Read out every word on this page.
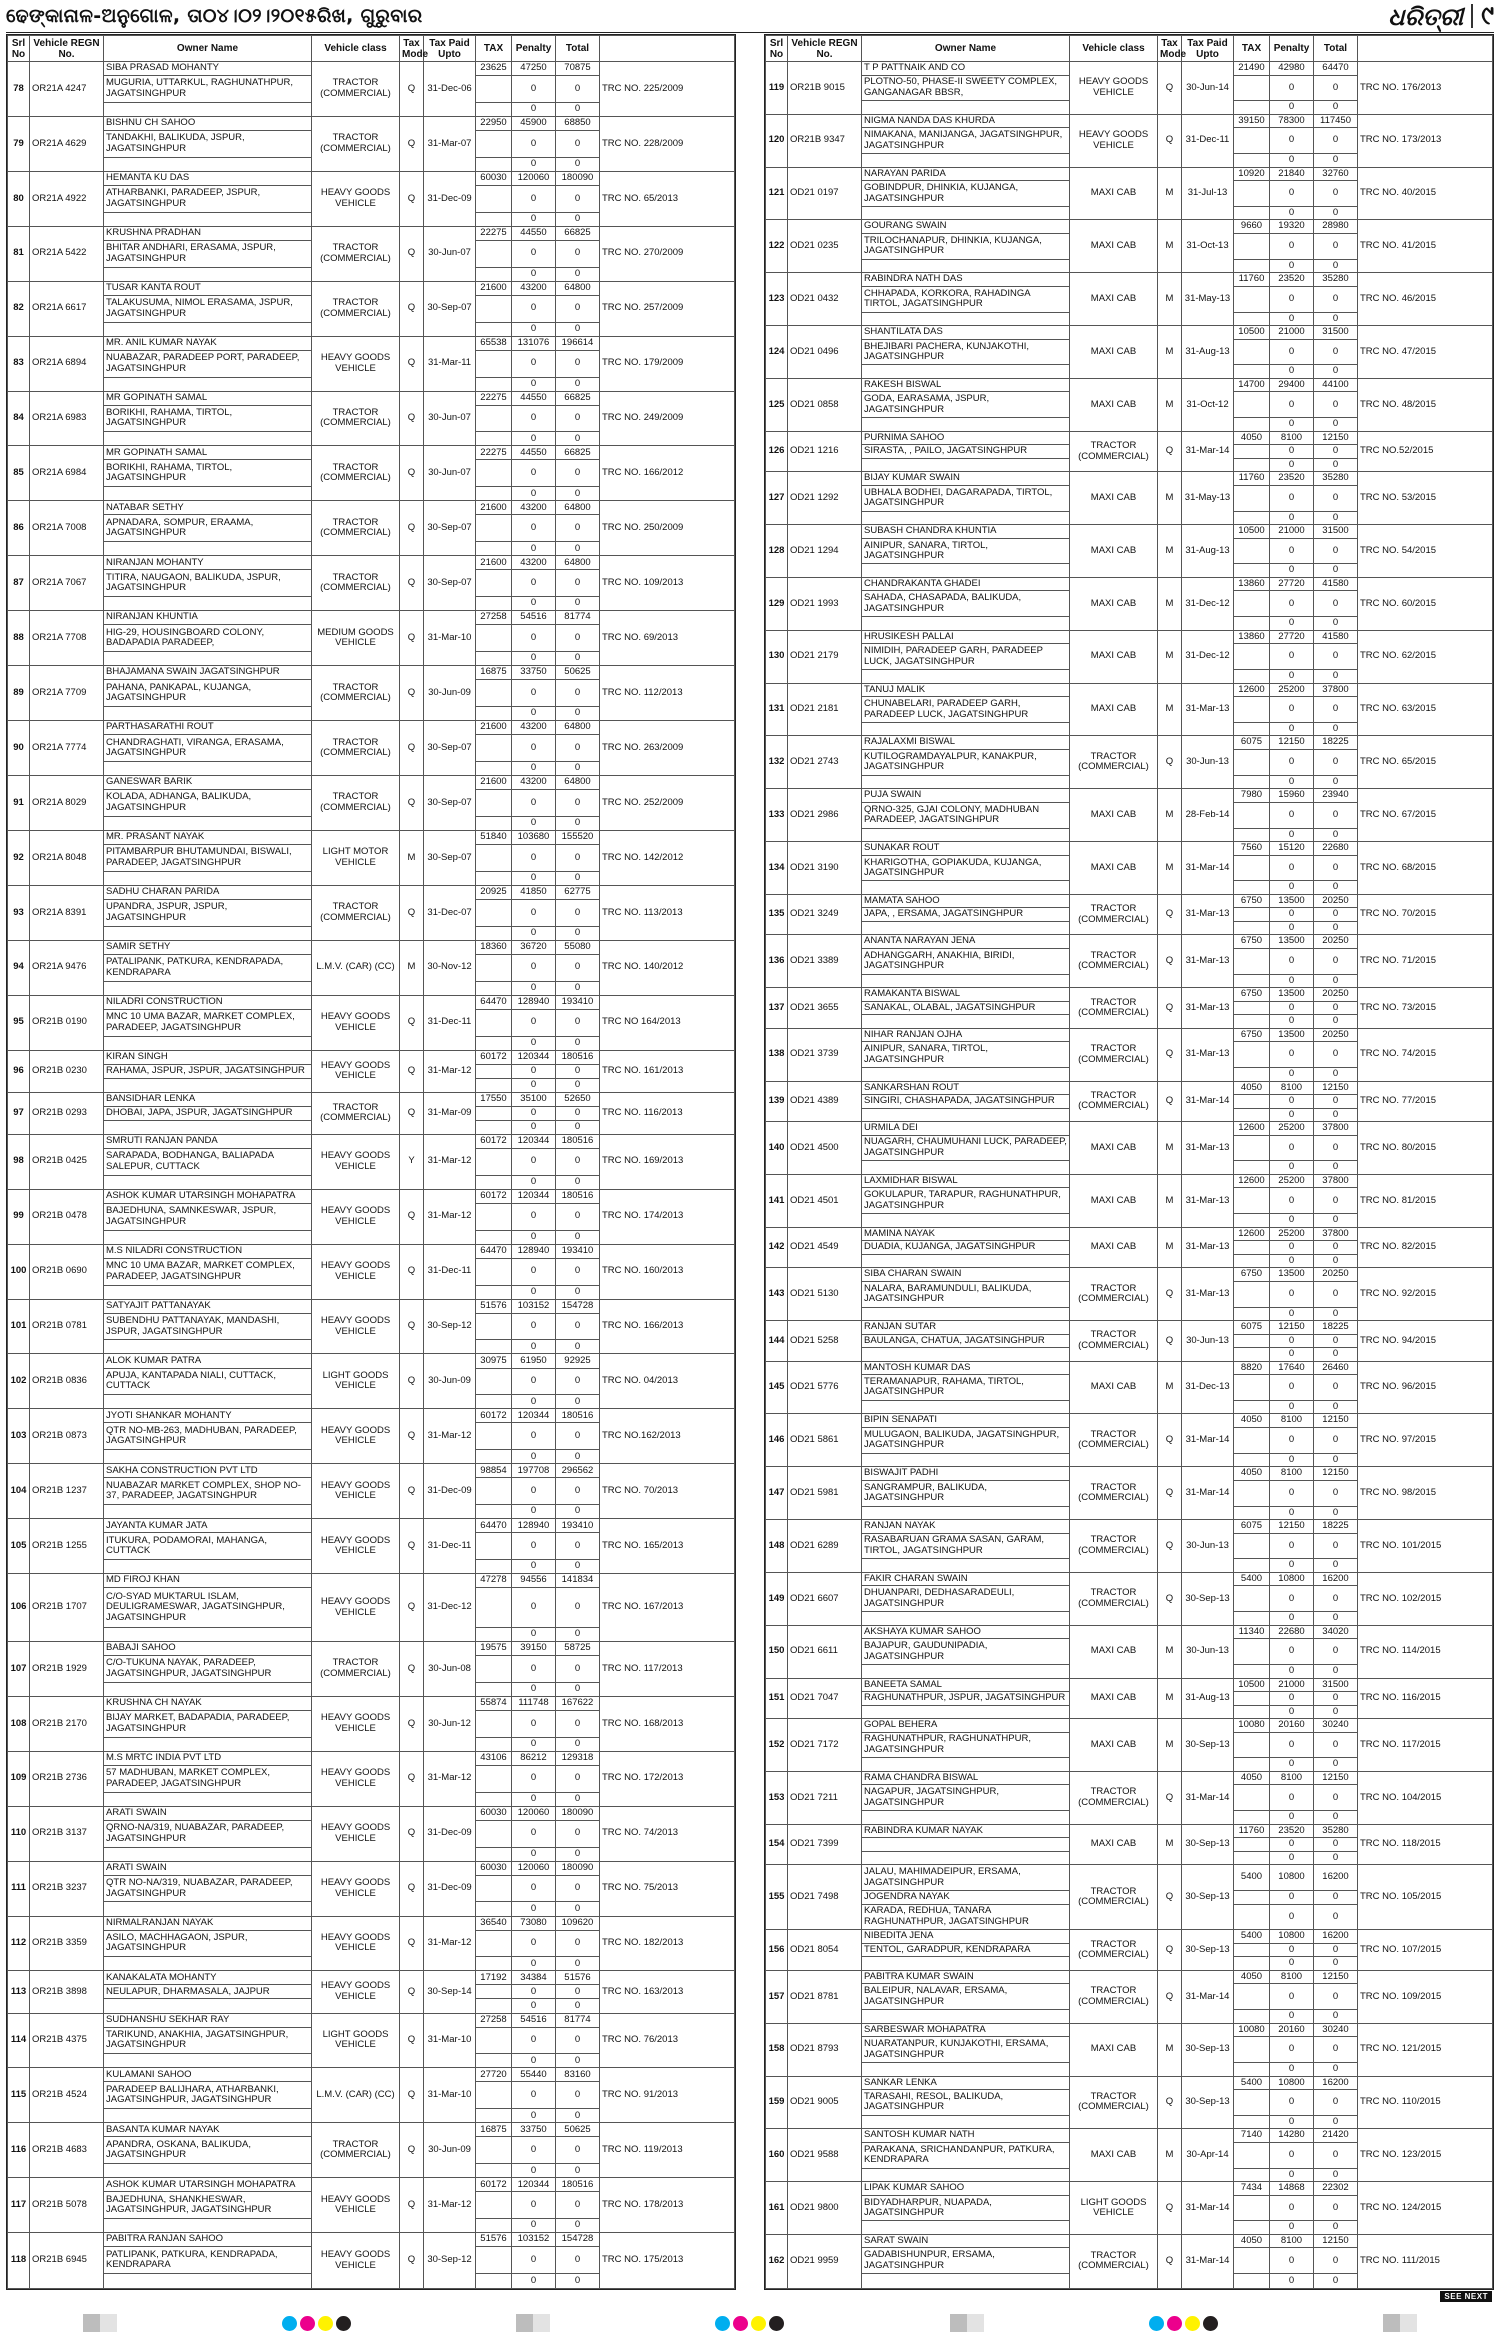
ଢେଙ୍କାନାଳ-ଅନୁଗୋଳ, ତା୦୪।୦୨।୨୦୧୫ରିଖ, ଗୁରୁବାର	ଧରିତ୍ରୀ ୯
Srl No	Vehicle REGN No.	Owner Name	Vehicle class	Tax Mode	Tax Paid Upto	TAX	Penalty	Total	
78	OR21A 4247	SIBA PRASAD MOHANTY	TRACTOR (COMMERCIAL)	Q	31-Dec-06	23625	47250	70875	TRC NO. 225/2009
		MUGURIA, UTTARKUL, RAGHUNATHPUR, JAGATSINGHPUR					0	0	
							0	0	
79	OR21A 4629	BISHNU CH SAHOO	TRACTOR (COMMERCIAL)	Q	31-Mar-07	22950	45900	68850	TRC NO. 228/2009
		TANDAKHI, BALIKUDA, JSPUR, JAGATSINGHPUR					0	0	
							0	0	
80	OR21A 4922	HEMANTA KU DAS	HEAVY GOODS VEHICLE	Q	31-Dec-09	60030	120060	180090	TRC NO. 65/2013
		ATHARBANKI, PARADEEP, JSPUR, JAGATSINGHPUR					0	0	
							0	0	
81	OR21A 5422	KRUSHNA PRADHAN	TRACTOR (COMMERCIAL)	Q	30-Jun-07	22275	44550	66825	TRC NO. 270/2009
		BHITAR ANDHARI, ERASAMA, JSPUR, JAGATSINGHPUR					0	0	
							0	0	
82	OR21A 6617	TUSAR KANTA ROUT	TRACTOR (COMMERCIAL)	Q	30-Sep-07	21600	43200	64800	TRC NO. 257/2009
		TALAKUSUMA, NIMOL ERASAMA, JSPUR, JAGATSINGHPUR					0	0	
							0	0	
83	OR21A 6894	MR. ANIL KUMAR NAYAK	HEAVY GOODS VEHICLE	Q	31-Mar-11	65538	131076	196614	TRC NO. 179/2009
		NUABAZAR, PARADEEP PORT, PARADEEP, JAGATSINGHPUR					0	0	
							0	0	
84	OR21A 6983	MR GOPINATH SAMAL	TRACTOR (COMMERCIAL)	Q	30-Jun-07	22275	44550	66825	TRC NO. 249/2009
		BORIKHI, RAHAMA, TIRTOL, JAGATSINGHPUR					0	0	
							0	0	
85	OR21A 6984	MR GOPINATH SAMAL	TRACTOR (COMMERCIAL)	Q	30-Jun-07	22275	44550	66825	TRC NO. 166/2012
		BORIKHI, RAHAMA, TIRTOL, JAGATSINGHPUR					0	0	
							0	0	
86	OR21A 7008	NATABAR SETHY	TRACTOR (COMMERCIAL)	Q	30-Sep-07	21600	43200	64800	TRC NO. 250/2009
		APNADARA, SOMPUR, ERAAMA, JAGATSINGHPUR					0	0	
							0	0	
87	OR21A 7067	NIRANJAN MOHANTY	TRACTOR (COMMERCIAL)	Q	30-Sep-07	21600	43200	64800	TRC NO. 109/2013
		TITIRA, NAUGAON, BALIKUDA, JSPUR, JAGATSINGHPUR					0	0	
							0	0	
88	OR21A 7708	NIRANJAN KHUNTIA	MEDIUM GOODS VEHICLE	Q	31-Mar-10	27258	54516	81774	TRC NO. 69/2013
		HIG-29, HOUSINGBOARD COLONY, BADAPADIA PARADEEP,					0	0	
							0	0	
89	OR21A 7709	BHAJAMANA SWAIN JAGATSINGHPUR	TRACTOR (COMMERCIAL)	Q	30-Jun-09	16875	33750	50625	TRC NO. 112/2013
		PAHANA, PANKAPAL, KUJANGA, JAGATSINGHPUR					0	0	
							0	0	
90	OR21A 7774	PARTHASARATHI ROUT	TRACTOR (COMMERCIAL)	Q	30-Sep-07	21600	43200	64800	TRC NO. 263/2009
		CHANDRAGHATI, VIRANGA, ERASAMA, JAGATSINGHPUR					0	0	
							0	0	
91	OR21A 8029	GANESWAR BARIK	TRACTOR (COMMERCIAL)	Q	30-Sep-07	21600	43200	64800	TRC NO. 252/2009
		KOLADA, ADHANGA, BALIKUDA, JAGATSINGHPUR					0	0	
							0	0	
92	OR21A 8048	MR. PRASANT NAYAK	LIGHT MOTOR VEHICLE	M	30-Sep-07	51840	103680	155520	TRC NO. 142/2012
		PITAMBARPUR BHUTAMUNDAI, BISWALI, PARADEEP, JAGATSINGHPUR					0	0	
							0	0	
93	OR21A 8391	SADHU CHARAN PARIDA	TRACTOR (COMMERCIAL)	Q	31-Dec-07	20925	41850	62775	TRC NO. 113/2013
		UPANDRA, JSPUR, JSPUR, JAGATSINGHPUR					0	0	
							0	0	
94	OR21A 9476	SAMIR SETHY	L.M.V. (CAR) (CC)	M	30-Nov-12	18360	36720	55080	TRC NO. 140/2012
		PATALIPANK, PATKURA, KENDRAPADA, KENDRAPARA					0	0	
							0	0	
95	OR21B 0190	NILADRI CONSTRUCTION	HEAVY GOODS VEHICLE	Q	31-Dec-11	64470	128940	193410	TRC NO 164/2013
		MNC 10 UMA BAZAR, MARKET COMPLEX, PARADEEP, JAGATSINGHPUR					0	0	
							0	0	
96	OR21B 0230	KIRAN SINGH	HEAVY GOODS VEHICLE	Q	31-Mar-12	60172	120344	180516	TRC NO. 161/2013
		RAHAMA, JSPUR, JSPUR, JAGATSINGHPUR					0	0	
							0	0	
97	OR21B 0293	BANSIDHAR LENKA	TRACTOR (COMMERCIAL)	Q	31-Mar-09	17550	35100	52650	TRC NO. 116/2013
		DHOBAI, JAPA, JSPUR, JAGATSINGHPUR					0	0	
							0	0	
98	OR21B 0425	SMRUTI RANJAN PANDA	HEAVY GOODS VEHICLE	Y	31-Mar-12	60172	120344	180516	TRC NO. 169/2013
		SARAPADA, BODHANGA, BALIAPADA SALEPUR, CUTTACK					0	0	
							0	0	
99	OR21B 0478	ASHOK KUMAR UTARSINGH MOHAPATRA	HEAVY GOODS VEHICLE	Q	31-Mar-12	60172	120344	180516	TRC NO. 174/2013
		BAJEDHUNA, SAMNKESWAR, JSPUR, JAGATSINGHPUR					0	0	
							0	0	
100	OR21B 0690	M.S NILADRI CONSTRUCTION	HEAVY GOODS VEHICLE	Q	31-Dec-11	64470	128940	193410	TRC NO. 160/2013
		MNC 10 UMA BAZAR, MARKET COMPLEX, PARADEEP, JAGATSINGHPUR					0	0	
							0	0	
101	OR21B 0781	SATYAJIT PATTANAYAK	HEAVY GOODS VEHICLE	Q	30-Sep-12	51576	103152	154728	TRC NO. 166/2013
		SUBENDHU PATTANAYAK, MANDASHI, JSPUR, JAGATSINGHPUR					0	0	
							0	0	
102	OR21B 0836	ALOK KUMAR PATRA	LIGHT GOODS VEHICLE	Q	30-Jun-09	30975	61950	92925	TRC NO. 04/2013
		APUJA, KANTAPADA NIALI, CUTTACK, CUTTACK					0	0	
							0	0	
103	OR21B 0873	JYOTI SHANKAR MOHANTY	HEAVY GOODS VEHICLE	Q	31-Mar-12	60172	120344	180516	TRC NO.162/2013
		QTR NO-MB-263, MADHUBAN, PARADEEP, JAGATSINGHPUR					0	0	
							0	0	
104	OR21B 1237	SAKHA CONSTRUCTION PVT LTD	HEAVY GOODS VEHICLE	Q	31-Dec-09	98854	197708	296562	TRC NO. 70/2013
		NUABAZAR MARKET COMPLEX, SHOP NO-37, PARADEEP, JAGATSINGHPUR					0	0	
							0	0	
105	OR21B 1255	JAYANTA KUMAR JATA	HEAVY GOODS VEHICLE	Q	31-Dec-11	64470	128940	193410	TRC NO. 165/2013
		ITUKURA, PODAMORAI, MAHANGA, CUTTACK					0	0	
							0	0	
106	OR21B 1707	MD FIROJ KHAN	HEAVY GOODS VEHICLE	Q	31-Dec-12	47278	94556	141834	TRC NO. 167/2013
		C/O-SYAD MUKTARUL ISLAM, DEULIGRAMESWAR, JAGATSINGHPUR, JAGATSINGHPUR					0	0	
							0	0	
107	OR21B 1929	BABAJI SAHOO	TRACTOR (COMMERCIAL)	Q	30-Jun-08	19575	39150	58725	TRC NO. 117/2013
		C/O-TUKUNA NAYAK, PARADEEP, JAGATSINGHPUR, JAGATSINGHPUR					0	0	
							0	0	
108	OR21B 2170	KRUSHNA CH NAYAK	HEAVY GOODS VEHICLE	Q	30-Jun-12	55874	111748	167622	TRC NO. 168/2013
		BIJAY MARKET, BADAPADIA, PARADEEP, JAGATSINGHPUR					0	0	
							0	0	
109	OR21B 2736	M.S MRTC INDIA PVT LTD	HEAVY GOODS VEHICLE	Q	31-Mar-12	43106	86212	129318	TRC NO. 172/2013
		57 MADHUBAN, MARKET COMPLEX, PARADEEP, JAGATSINGHPUR					0	0	
							0	0	
110	OR21B 3137	ARATI SWAIN	HEAVY GOODS VEHICLE	Q	31-Dec-09	60030	120060	180090	TRC NO. 74/2013
		QRNO-NA/319, NUABAZAR, PARADEEP, JAGATSINGHPUR					0	0	
							0	0	
111	OR21B 3237	ARATI SWAIN	HEAVY GOODS VEHICLE	Q	31-Dec-09	60030	120060	180090	TRC NO. 75/2013
		QTR NO-NA/319, NUABAZAR, PARADEEP, JAGATSINGHPUR					0	0	
							0	0	
112	OR21B 3359	NIRMALRANJAN NAYAK	HEAVY GOODS VEHICLE	Q	31-Mar-12	36540	73080	109620	TRC NO. 182/2013
		ASILO, MACHHAGAON, JSPUR, JAGATSINGHPUR					0	0	
							0	0	
113	OR21B 3898	KANAKALATA MOHANTY	HEAVY GOODS VEHICLE	Q	30-Sep-14	17192	34384	51576	TRC NO. 163/2013
		NEULAPUR, DHARMASALA, JAJPUR					0	0	
							0	0	
114	OR21B 4375	SUDHANSHU SEKHAR RAY	LIGHT GOODS VEHICLE	Q	31-Mar-10	27258	54516	81774	TRC NO. 76/2013
		TARIKUND, ANAKHIA, JAGATSINGHPUR, JAGATSINGHPUR					0	0	
							0	0	
115	OR21B 4524	KULAMANI SAHOO	L.M.V. (CAR) (CC)	Q	31-Mar-10	27720	55440	83160	TRC NO. 91/2013
		PARADEEP BALIJHARA, ATHARBANKI, JAGATSINGHPUR, JAGATSINGHPUR					0	0	
							0	0	
116	OR21B 4683	BASANTA KUMAR NAYAK	TRACTOR (COMMERCIAL)	Q	30-Jun-09	16875	33750	50625	TRC NO. 119/2013
		APANDRA, OSKANA, BALIKUDA, JAGATSINGHPUR					0	0	
							0	0	
117	OR21B 5078	ASHOK KUMAR UTARSINGH MOHAPATRA	HEAVY GOODS VEHICLE	Q	31-Mar-12	60172	120344	180516	TRC NO. 178/2013
		BAJEDHUNA, SHANKHESWAR, JAGATSINGHPUR, JAGATSINGHPUR					0	0	
							0	0	
118	OR21B 6945	PABITRA RANJAN SAHOO	HEAVY GOODS VEHICLE	Q	30-Sep-12	51576	103152	154728	TRC NO. 175/2013
		PATLIPANK, PATKURA, KENDRAPADA, KENDRAPARA					0	0	
							0	0	
Srl No	Vehicle REGN No.	Owner Name	Vehicle class	Tax Mode	Tax Paid Upto	TAX	Penalty	Total	
119	OR21B 9015	T P PATTNAIK AND CO	HEAVY GOODS VEHICLE	Q	30-Jun-14	21490	42980	64470	TRC NO. 176/2013
		PLOTNO-50, PHASE-II SWEETY COMPLEX, GANGANAGAR BBSR,					0	0	
							0	0	
120	OR21B 9347	NIGMA NANDA DAS KHURDA	HEAVY GOODS VEHICLE	Q	31-Dec-11	39150	78300	117450	TRC NO. 173/2013
		NIMAKANA, MANIJANGA, JAGATSINGHPUR, JAGATSINGHPUR					0	0	
							0	0	
121	OD21 0197	NARAYAN PARIDA	MAXI CAB	M	31-Jul-13	10920	21840	32760	TRC NO. 40/2015
		GOBINDPUR, DHINKIA, KUJANGA, JAGATSINGHPUR					0	0	
							0	0	
122	OD21 0235	GOURANG SWAIN	MAXI CAB	M	31-Oct-13	9660	19320	28980	TRC NO. 41/2015
		TRILOCHANAPUR, DHINKIA, KUJANGA, JAGATSINGHPUR					0	0	
							0	0	
123	OD21 0432	RABINDRA NATH DAS	MAXI CAB	M	31-May-13	11760	23520	35280	TRC NO. 46/2015
		CHHAPADA, KORKORA, RAHADINGA TIRTOL, JAGATSINGHPUR					0	0	
							0	0	
124	OD21 0496	SHANTILATA DAS	MAXI CAB	M	31-Aug-13	10500	21000	31500	TRC NO. 47/2015
		BHEJIBARI PACHERA, KUNJAKOTHI, JAGATSINGHPUR					0	0	
							0	0	
125	OD21 0858	RAKESH BISWAL	MAXI CAB	M	31-Oct-12	14700	29400	44100	TRC NO. 48/2015
		GODA, EARASAMA, JSPUR, JAGATSINGHPUR					0	0	
							0	0	
126	OD21 1216	PURNIMA SAHOO	TRACTOR (COMMERCIAL)	Q	31-Mar-14	4050	8100	12150	TRC NO.52/2015
		SIRASTA, , PAILO, JAGATSINGHPUR					0	0	
							0	0	
127	OD21 1292	BIJAY KUMAR SWAIN	MAXI CAB	M	31-May-13	11760	23520	35280	TRC NO. 53/2015
		UBHALA BODHEI, DAGARAPADA, TIRTOL, JAGATSINGHPUR					0	0	
							0	0	
128	OD21 1294	SUBASH CHANDRA KHUNTIA	MAXI CAB	M	31-Aug-13	10500	21000	31500	TRC NO. 54/2015
		AINIPUR, SANARA, TIRTOL, JAGATSINGHPUR					0	0	
							0	0	
129	OD21 1993	CHANDRAKANTA GHADEI	MAXI CAB	M	31-Dec-12	13860	27720	41580	TRC NO. 60/2015
		SAHADA, CHASAPADA, BALIKUDA, JAGATSINGHPUR					0	0	
							0	0	
130	OD21 2179	HRUSIKESH PALLAI	MAXI CAB	M	31-Dec-12	13860	27720	41580	TRC NO. 62/2015
		NIMIDIH, PARADEEP GARH, PARADEEP LUCK, JAGATSINGHPUR					0	0	
							0	0	
131	OD21 2181	TANUJ MALIK	MAXI CAB	M	31-Mar-13	12600	25200	37800	TRC NO. 63/2015
		CHUNABELARI, PARADEEP GARH, PARADEEP LUCK, JAGATSINGHPUR					0	0	
							0	0	
132	OD21 2743	RAJALAXMI BISWAL	TRACTOR (COMMERCIAL)	Q	30-Jun-13	6075	12150	18225	TRC NO. 65/2015
		KUTILOGRAMDAYALPUR, KANAKPUR, JAGATSINGHPUR					0	0	
							0	0	
133	OD21 2986	PUJA SWAIN	MAXI CAB	M	28-Feb-14	7980	15960	23940	TRC NO. 67/2015
		QRNO-325, GJAI COLONY, MADHUBAN PARADEEP, JAGATSINGHPUR					0	0	
							0	0	
134	OD21 3190	SUNAKAR ROUT	MAXI CAB	M	31-Mar-14	7560	15120	22680	TRC NO. 68/2015
		KHARIGOTHA, GOPIAKUDA, KUJANGA, JAGATSINGHPUR					0	0	
							0	0	
135	OD21 3249	MAMATA SAHOO	TRACTOR (COMMERCIAL)	Q	31-Mar-13	6750	13500	20250	TRC NO. 70/2015
		JAPA, , ERSAMA, JAGATSINGHPUR					0	0	
							0	0	
136	OD21 3389	ANANTA NARAYAN JENA	TRACTOR (COMMERCIAL)	Q	31-Mar-13	6750	13500	20250	TRC NO. 71/2015
		ADHANGGARH, ANAKHIA, BIRIDI, JAGATSINGHPUR					0	0	
							0	0	
137	OD21 3655	RAMAKANTA BISWAL	TRACTOR (COMMERCIAL)	Q	31-Mar-13	6750	13500	20250	TRC NO. 73/2015
		SANAKAL, OLABAL, JAGATSINGHPUR					0	0	
							0	0	
138	OD21 3739	NIHAR RANJAN OJHA	TRACTOR (COMMERCIAL)	Q	31-Mar-13	6750	13500	20250	TRC NO. 74/2015
		AINIPUR, SANARA, TIRTOL, JAGATSINGHPUR					0	0	
							0	0	
139	OD21 4389	SANKARSHAN ROUT	TRACTOR (COMMERCIAL)	Q	31-Mar-14	4050	8100	12150	TRC NO. 77/2015
		SINGIRI, CHASHAPADA, JAGATSINGHPUR					0	0	
							0	0	
140	OD21 4500	URMILA DEI	MAXI CAB	M	31-Mar-13	12600	25200	37800	TRC NO. 80/2015
		NUAGARH, CHAUMUHANI LUCK, PARADEEP, JAGATSINGHPUR					0	0	
							0	0	
141	OD21 4501	LAXMIDHAR BISWAL	MAXI CAB	M	31-Mar-13	12600	25200	37800	TRC NO. 81/2015
		GOKULAPUR, TARAPUR, RAGHUNATHPUR, JAGATSINGHPUR					0	0	
							0	0	
142	OD21 4549	MAMINA NAYAK	MAXI CAB	M	31-Mar-13	12600	25200	37800	TRC NO. 82/2015
		DUADIA, KUJANGA, JAGATSINGHPUR					0	0	
							0	0	
143	OD21 5130	SIBA CHARAN SWAIN	TRACTOR (COMMERCIAL)	Q	31-Mar-13	6750	13500	20250	TRC NO. 92/2015
		NALARA, BARAMUNDULI, BALIKUDA, JAGATSINGHPUR					0	0	
							0	0	
144	OD21 5258	RANJAN SUTAR	TRACTOR (COMMERCIAL)	Q	30-Jun-13	6075	12150	18225	TRC NO. 94/2015
		BAULANGA, CHATUA, JAGATSINGHPUR					0	0	
							0	0	
145	OD21 5776	MANTOSH KUMAR DAS	MAXI CAB	M	31-Dec-13	8820	17640	26460	TRC NO. 96/2015
		TERAMANAPUR, RAHAMA, TIRTOL, JAGATSINGHPUR					0	0	
							0	0	
146	OD21 5861	BIPIN SENAPATI	TRACTOR (COMMERCIAL)	Q	31-Mar-14	4050	8100	12150	TRC NO. 97/2015
		MULUGAON, BALIKUDA, JAGATSINGHPUR, JAGATSINGHPUR					0	0	
							0	0	
147	OD21 5981	BISWAJIT PADHI	TRACTOR (COMMERCIAL)	Q	31-Mar-14	4050	8100	12150	TRC NO. 98/2015
		SANGRAMPUR, BALIKUDA, JAGATSINGHPUR					0	0	
							0	0	
148	OD21 6289	RANJAN NAYAK	TRACTOR (COMMERCIAL)	Q	30-Jun-13	6075	12150	18225	TRC NO. 101/2015
		RASABARUAN GRAMA SASAN, GARAM, TIRTOL, JAGATSINGHPUR					0	0	
							0	0	
149	OD21 6607	FAKIR CHARAN SWAIN	TRACTOR (COMMERCIAL)	Q	30-Sep-13	5400	10800	16200	TRC NO. 102/2015
		DHUANPARI, DEDHASARADEULI, JAGATSINGHPUR					0	0	
							0	0	
150	OD21 6611	AKSHAYA KUMAR SAHOO	MAXI CAB	M	30-Jun-13	11340	22680	34020	TRC NO. 114/2015
		BAJAPUR, GAUDUNIPADIA, JAGATSINGHPUR					0	0	
							0	0	
151	OD21 7047	BANEETA SAMAL	MAXI CAB	M	31-Aug-13	10500	21000	31500	TRC NO. 116/2015
		RAGHUNATHPUR, JSPUR, JAGATSINGHPUR					0	0	
							0	0	
152	OD21 7172	GOPAL BEHERA	MAXI CAB	M	30-Sep-13	10080	20160	30240	TRC NO. 117/2015
		RAGHUNATHPUR, RAGHUNATHPUR, JAGATSINGHPUR					0	0	
							0	0	
153	OD21 7211	RAMA CHANDRA BISWAL	TRACTOR (COMMERCIAL)	Q	31-Mar-14	4050	8100	12150	TRC NO. 104/2015
		NAGAPUR, JAGATSINGHPUR, JAGATSINGHPUR					0	0	
							0	0	
154	OD21 7399	RABINDRA KUMAR NAYAK	MAXI CAB	M	30-Sep-13	11760	23520	35280	TRC NO. 118/2015
							0	0	
							0	0	
155	OD21 7498	JALAU, MAHIMADEIPUR, ERSAMA, JAGATSINGHPUR	TRACTOR (COMMERCIAL)	Q	30-Sep-13	5400	10800	16200	TRC NO. 105/2015
		JOGENDRA NAYAK					0	0	
		KARADA, REDHUA, TANARA RAGHUNATHPUR, JAGATSINGHPUR					0	0	
156	OD21 8054	NIBEDITA JENA	TRACTOR (COMMERCIAL)	Q	30-Sep-13	5400	10800	16200	TRC NO. 107/2015
		TENTOL, GARADPUR, KENDRAPARA					0	0	
							0	0	
157	OD21 8781	PABITRA KUMAR SWAIN	TRACTOR (COMMERCIAL)	Q	31-Mar-14	4050	8100	12150	TRC NO. 109/2015
		BALEIPUR, NALAVAR, ERSAMA, JAGATSINGHPUR					0	0	
							0	0	
158	OD21 8793	SARBESWAR MOHAPATRA	MAXI CAB	M	30-Sep-13	10080	20160	30240	TRC NO. 121/2015
		NUARATANPUR, KUNJAKOTHI, ERSAMA, JAGATSINGHPUR					0	0	
							0	0	
159	OD21 9005	SANKAR LENKA	TRACTOR (COMMERCIAL)	Q	30-Sep-13	5400	10800	16200	TRC NO. 110/2015
		TARASAHI, RESOL, BALIKUDA, JAGATSINGHPUR					0	0	
							0	0	
160	OD21 9588	SANTOSH KUMAR NATH	MAXI CAB	M	30-Apr-14	7140	14280	21420	TRC NO. 123/2015
		PARAKANA, SRICHANDANPUR, PATKURA, KENDRAPARA					0	0	
							0	0	
161	OD21 9800	LIPAK KUMAR SAHOO	LIGHT GOODS VEHICLE	Q	31-Mar-14	7434	14868	22302	TRC NO. 124/2015
		BIDYADHARPUR, NUAPADA, JAGATSINGHPUR					0	0	
							0	0	
162	OD21 9959	SARAT SWAIN	TRACTOR (COMMERCIAL)	Q	31-Mar-14	4050	8100	12150	TRC NO. 111/2015
		GADABISHUNPUR, ERSAMA, JAGATSINGHPUR					0	0	
							0	0	
SEE NEXT
